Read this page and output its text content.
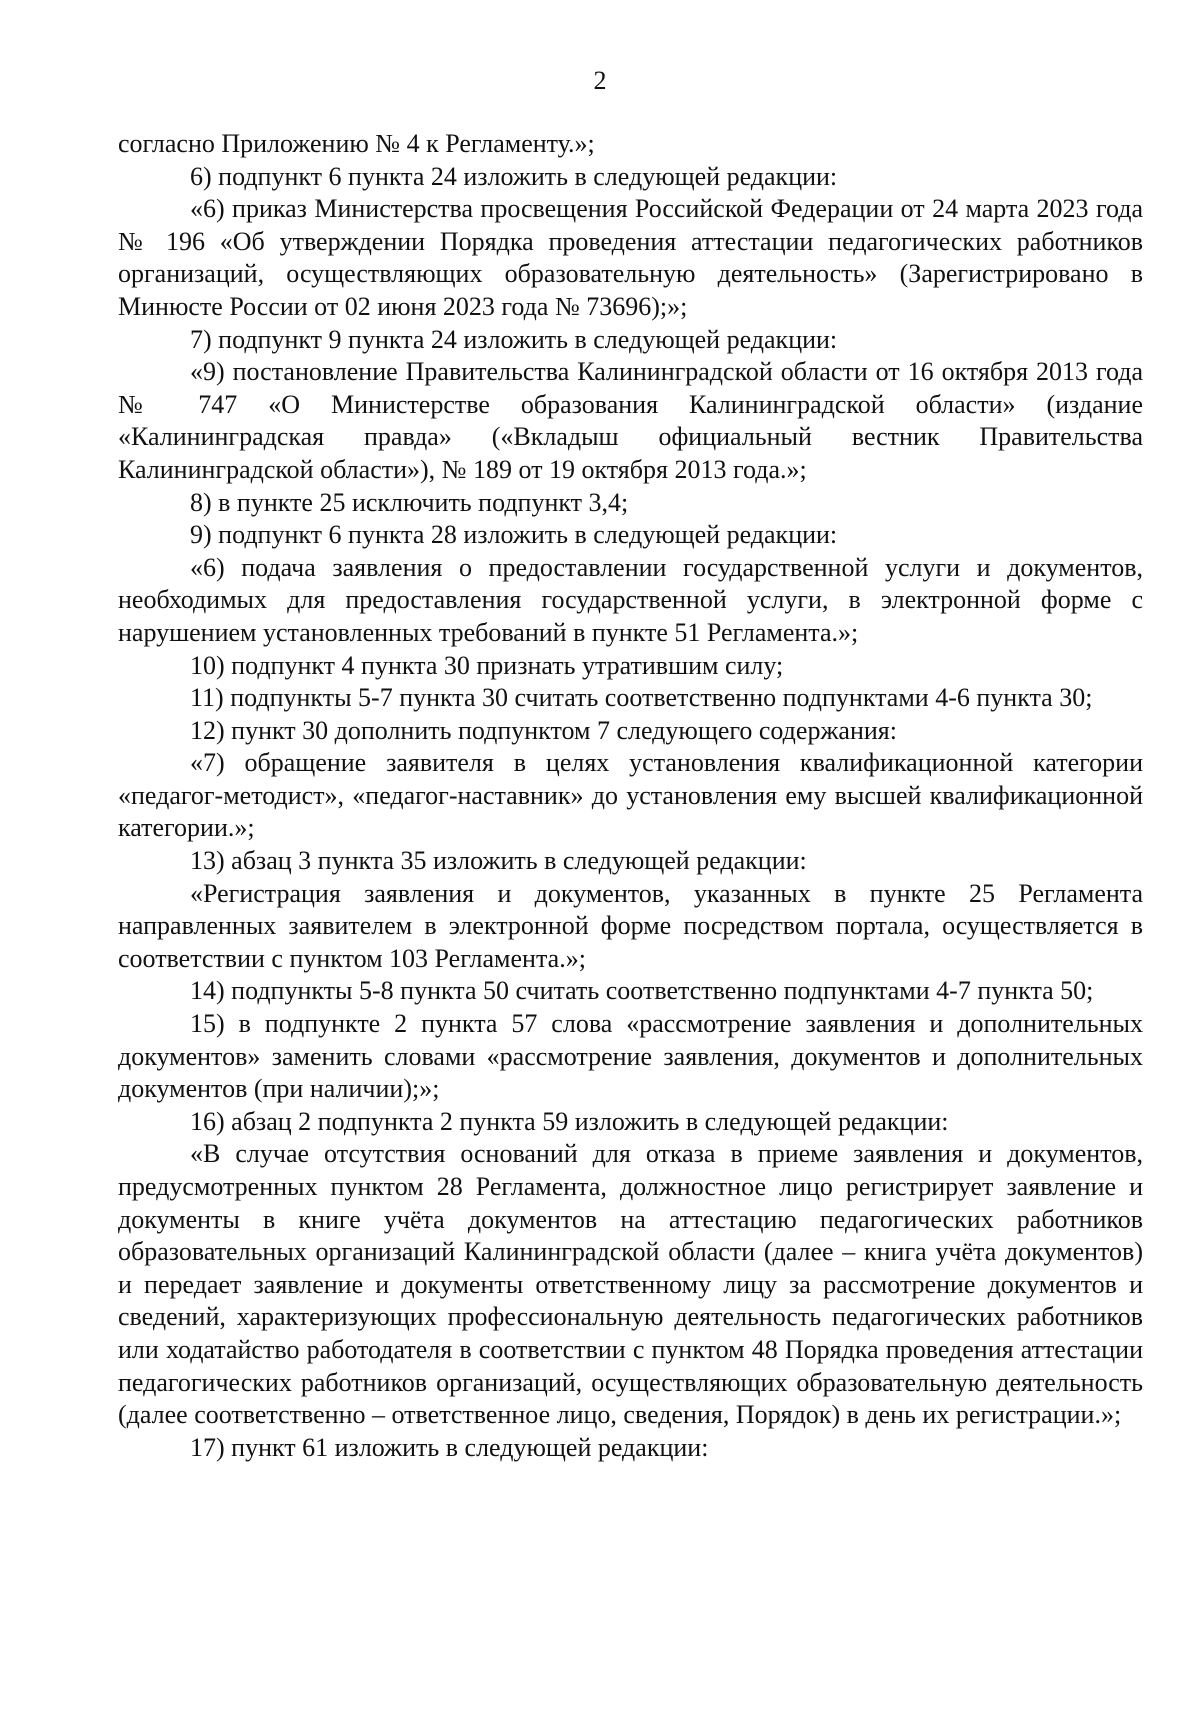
2

согласно Приложению № 4 к Регламенту.»;

6) подпункт 6 пункта 24 изложить в следующей редакции:

«6) приказ Министерства просвещения Российской Федерации от 24 марта 2023 года № 196 «Об утверждении Порядка проведения аттестации педагогических работников организаций, осуществляющих образовательную деятельность» (Зарегистрировано в Минюсте России от 02 июня 2023 года № 73696);»;

7) подпункт 9 пункта 24 изложить в следующей редакции:

«9) постановление Правительства Калининградской области от 16 октября 2013 года № 747 «О Министерстве образования Калининградской области» (издание «Калининградская правда» («Вкладыш официальный вестник Правительства Калининградской области»), № 189 от 19 октября 2013 года.»;

8) в пункте 25 исключить подпункт 3,4;

9) подпункт 6 пункта 28 изложить в следующей редакции:

«6) подача заявления о предоставлении государственной услуги и документов, необходимых для предоставления государственной услуги, в электронной форме с нарушением установленных требований в пункте 51 Регламента.»;

10) подпункт 4 пункта 30 признать утратившим силу;

11) подпункты 5-7 пункта 30 считать соответственно подпунктами 4-6 пункта 30;

12) пункт 30 дополнить подпунктом 7 следующего содержания:

«7) обращение заявителя в целях установления квалификационной категории «педагог-методист», «педагог-наставник» до установления ему высшей квалификационной категории.»;

13) абзац 3 пункта 35 изложить в следующей редакции:

«Регистрация заявления и документов, указанных в пункте 25 Регламента направленных заявителем в электронной форме посредством портала, осуществляется в соответствии с пунктом 103 Регламента.»;

14) подпункты 5-8 пункта 50 считать соответственно подпунктами 4-7 пункта 50;

15) в подпункте 2 пункта 57 слова «рассмотрение заявления и дополнительных документов» заменить словами «рассмотрение заявления, документов и дополнительных документов (при наличии);»;

16) абзац 2 подпункта 2 пункта 59 изложить в следующей редакции:

«В случае отсутствия оснований для отказа в приеме заявления и документов, предусмотренных пунктом 28 Регламента, должностное лицо регистрирует заявление и документы в книге учёта документов на аттестацию педагогических работников образовательных организаций Калининградской области (далее – книга учёта документов) и передает заявление и документы ответственному лицу за рассмотрение документов и сведений, характеризующих профессиональную деятельность педагогических работников или ходатайство работодателя в соответствии с пунктом 48 Порядка проведения аттестации педагогических работников организаций, осуществляющих образовательную деятельность (далее соответственно – ответственное лицо, сведения, Порядок) в день их регистрации.»;

17) пункт 61 изложить в следующей редакции:
